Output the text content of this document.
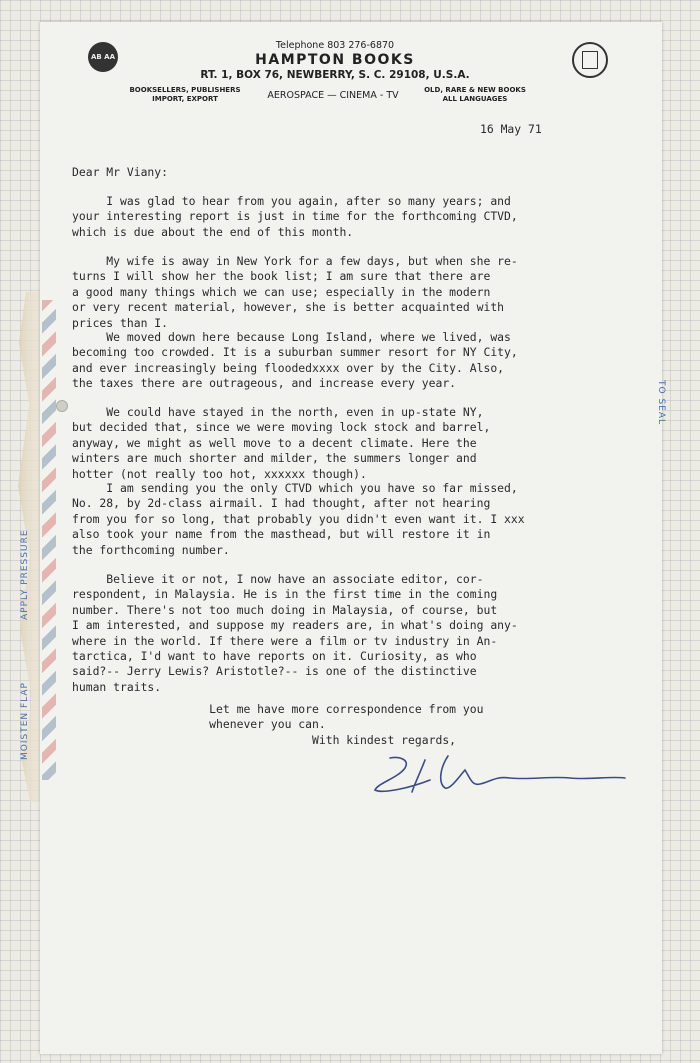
APPLY PRESSURE
MOISTEN FLAP
TO SEAL
AB AA
Telephone 803 276-6870
HAMPTON BOOKS
RT. 1, BOX 76, NEWBERRY, S. C. 29108, U.S.A.
BOOKSELLERS, PUBLISHERS
IMPORT, EXPORT	AEROSPACE — CINEMA - TV	OLD, RARE & NEW BOOKS
ALL LANGUAGES
16 May 71
Dear Mr Viany:
I was glad to hear from you again, after so many years; and
your interesting report is just in time for the forthcoming CTVD,
which is due about the end of this month.
My wife is away in New York for a few days, but when she re-
turns I will show her the book list; I am sure that there are
a good many things which we can use; especially in the modern
or very recent material, however, she is better acquainted with
prices than I.
We moved down here because Long Island, where we lived, was
becoming too crowded. It is a suburban summer resort for NY City,
and ever increasingly being floodedxxxx over by the City. Also,
the taxes there are outrageous, and increase every year.
We could have stayed in the north, even in up-state NY,
but decided that, since we were moving lock stock and barrel,
anyway, we might as well move to a decent climate. Here the
winters are much shorter and milder, the summers longer and
hotter (not really too hot, xxxxxx though).
I am sending you the only CTVD which you have so far missed,
No. 28, by 2d-class airmail. I had thought, after not hearing
from you for so long, that probably you didn't even want it. I xxx
also took your name from the masthead, but will restore it in
the forthcoming number.
Believe it or not, I now have an associate editor, cor-
respondent, in Malaysia. He is in the first time in the coming
number. There's not too much doing in Malaysia, of course, but
I am interested, and suppose my readers are, in what's doing any-
where in the world. If there were a film or tv industry in An-
tarctica, I'd want to have reports on it. Curiosity, as who
said?-- Jerry Lewis? Aristotle?-- is one of the distinctive
human traits.
Let me have more correspondence from you
whenever you can.
With kindest regards,
